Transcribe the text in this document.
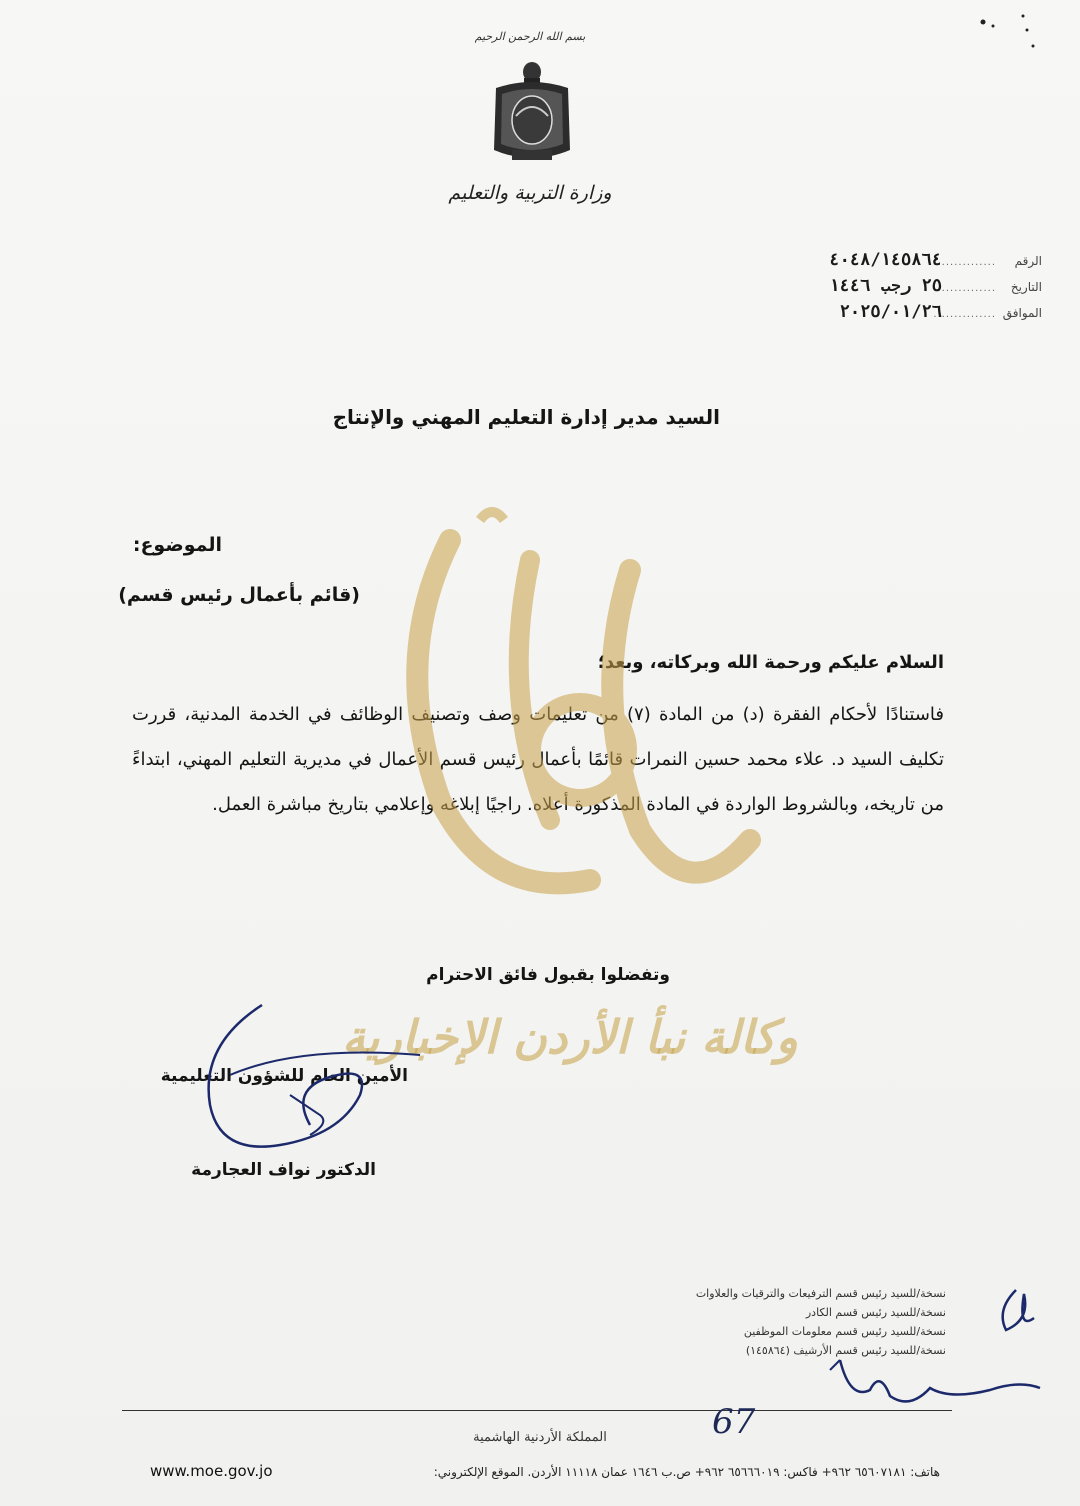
بسم الله الرحمن الرحيم
وزارة التربية والتعليم
الرقم
...............
٤٠٤٨/١٤٥٨٦٤
التاريخ
...............
٢٥ رجب ١٤٤٦
الموافق
...............
٢٠٢٥/٠١/٢٦
السيد مدير إدارة التعليم المهني والإنتاج
الموضوع:
(قائم بأعمال رئيس قسم)
السلام عليكم ورحمة الله وبركاته، وبعد؛
فاستنادًا لأحكام الفقرة (د) من المادة (٧) من تعليمات وصف وتصنيف الوظائف في الخدمة المدنية، قررت تكليف السيد د. علاء محمد حسين النمرات قائمًا بأعمال رئيس قسم الأعمال في مديرية التعليم المهني، ابتداءً من تاريخه، وبالشروط الواردة في المادة المذكورة أعلاه. راجيًا إبلاغه وإعلامي بتاريخ مباشرة العمل.
وكالة نبأ الأردن الإخبارية
وتفضلوا بقبول فائق الاحترام
الأمين العام للشؤون التعليمية
الدكتور نواف العجارمة
نسخة/للسيد رئيس قسم الترفيعات والترقيات والعلاوات
نسخة/للسيد رئيس قسم الكادر
نسخة/للسيد رئيس قسم معلومات الموظفين
نسخة/للسيد رئيس قسم الأرشيف (١٤٥٨٦٤)
67
المملكة الأردنية الهاشمية
www.moe.gov.jo	هاتف: ٦٥٦٠٧١٨١ ٩٦٢+ فاكس: ٦٥٦٦٦٠١٩ ٩٦٢+ ص.ب ١٦٤٦ عمان ١١١١٨ الأردن. الموقع الإلكتروني:
